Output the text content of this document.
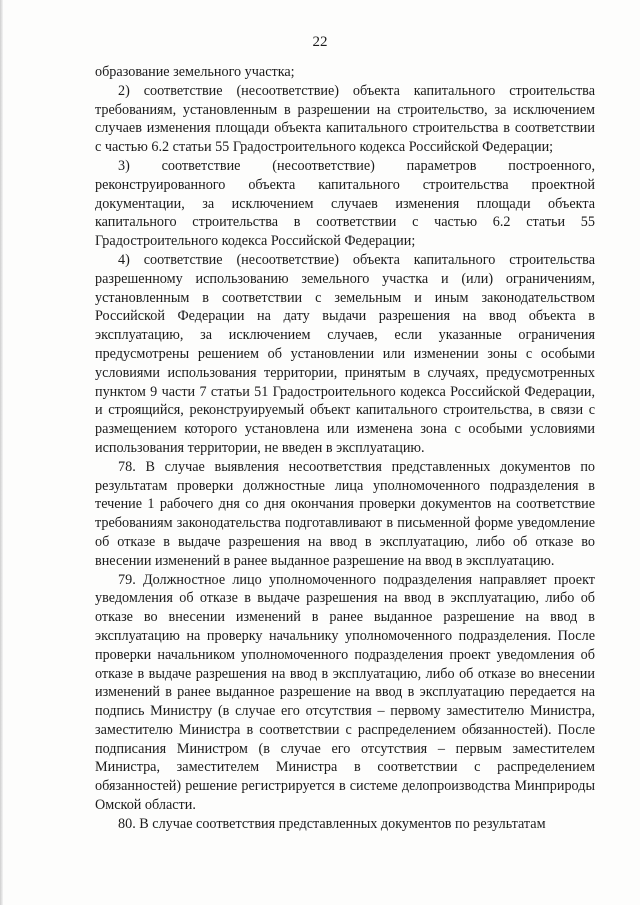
22

образование земельного участка;

2) соответствие (несоответствие) объекта капитального строительства требованиям, установленным в разрешении на строительство, за исключением случаев изменения площади объекта капитального строительства в соответствии с частью 6.2 статьи 55 Градостроительного кодекса Российской Федерации;

3) соответствие (несоответствие) параметров построенного, реконструированного объекта капитального строительства проектной документации, за исключением случаев изменения площади объекта капитального строительства в соответствии с частью 6.2 статьи 55 Градостроительного кодекса Российской Федерации;

4) соответствие (несоответствие) объекта капитального строительства разрешенному использованию земельного участка и (или) ограничениям, установленным в соответствии с земельным и иным законодательством Российской Федерации на дату выдачи разрешения на ввод объекта в эксплуатацию, за исключением случаев, если указанные ограничения предусмотрены решением об установлении или изменении зоны с особыми условиями использования территории, принятым в случаях, предусмотренных пунктом 9 части 7 статьи 51 Градостроительного кодекса Российской Федерации, и строящийся, реконструируемый объект капитального строительства, в связи с размещением которого установлена или изменена зона с особыми условиями использования территории, не введен в эксплуатацию.

78. В случае выявления несоответствия представленных документов по результатам проверки должностные лица уполномоченного подразделения в течение 1 рабочего дня со дня окончания проверки документов на соответствие требованиям законодательства подготавливают в письменной форме уведомление об отказе в выдаче разрешения на ввод в эксплуатацию, либо об отказе во внесении изменений в ранее выданное разрешение на ввод в эксплуатацию.

79. Должностное лицо уполномоченного подразделения направляет проект уведомления об отказе в выдаче разрешения на ввод в эксплуатацию, либо об отказе во внесении изменений в ранее выданное разрешение на ввод в эксплуатацию на проверку начальнику уполномоченного подразделения. После проверки начальником уполномоченного подразделения проект уведомления об отказе в выдаче разрешения на ввод в эксплуатацию, либо об отказе во внесении изменений в ранее выданное разрешение на ввод в эксплуатацию передается на подпись Министру (в случае его отсутствия – первому заместителю Министра, заместителю Министра в соответствии с распределением обязанностей). После подписания Министром (в случае его отсутствия – первым заместителем Министра, заместителем Министра в соответствии с распределением обязанностей) решение регистрируется в системе делопроизводства Минприроды Омской области.

80. В случае соответствия представленных документов по результатам
